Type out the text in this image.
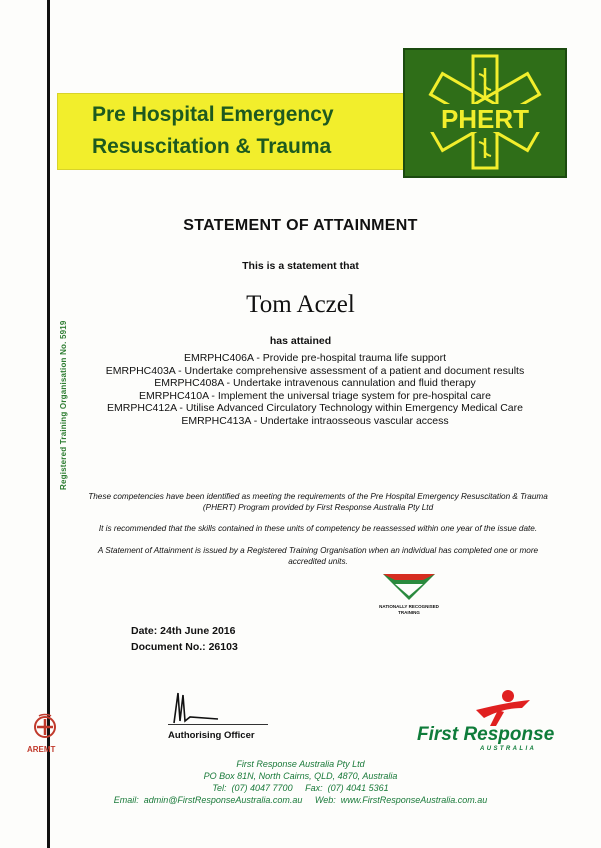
Registered Training Organisation No. 5919
Pre Hospital Emergency
Resuscitation & Trauma
PHERT
STATEMENT OF ATTAINMENT
This is a statement that
Tom Aczel
has attained
EMRPHC406A - Provide pre-hospital trauma life support
EMRPHC403A - Undertake comprehensive assessment of a patient and document results
EMRPHC408A - Undertake intravenous cannulation and fluid therapy
EMRPHC410A - Implement the universal triage system for pre-hospital care
EMRPHC412A - Utilise Advanced Circulatory Technology within Emergency Medical Care
EMRPHC413A - Undertake intraosseous vascular access
These competencies have been identified as meeting the requirements of the Pre Hospital Emergency Resuscitation & Trauma (PHERT) Program provided by First Response Australia Pty Ltd
It is recommended that the skills contained in these units of competency be reassessed within one year of the issue date.
A Statement of Attainment is issued by a Registered Training Organisation when an individual has completed one or more accredited units.
NATIONALLY RECOGNISED
TRAINING
Date: 24th June 2016
Document No.: 26103
Authorising Officer
AREMT
First Response
AUSTRALIA
First Response Australia Pty Ltd
PO Box 81N, North Cairns, QLD, 4870, Australia
Tel:  (07) 4047 7700     Fax:  (07) 4041 5361
Email:  admin@FirstResponseAustralia.com.au     Web:  www.FirstResponseAustralia.com.au
